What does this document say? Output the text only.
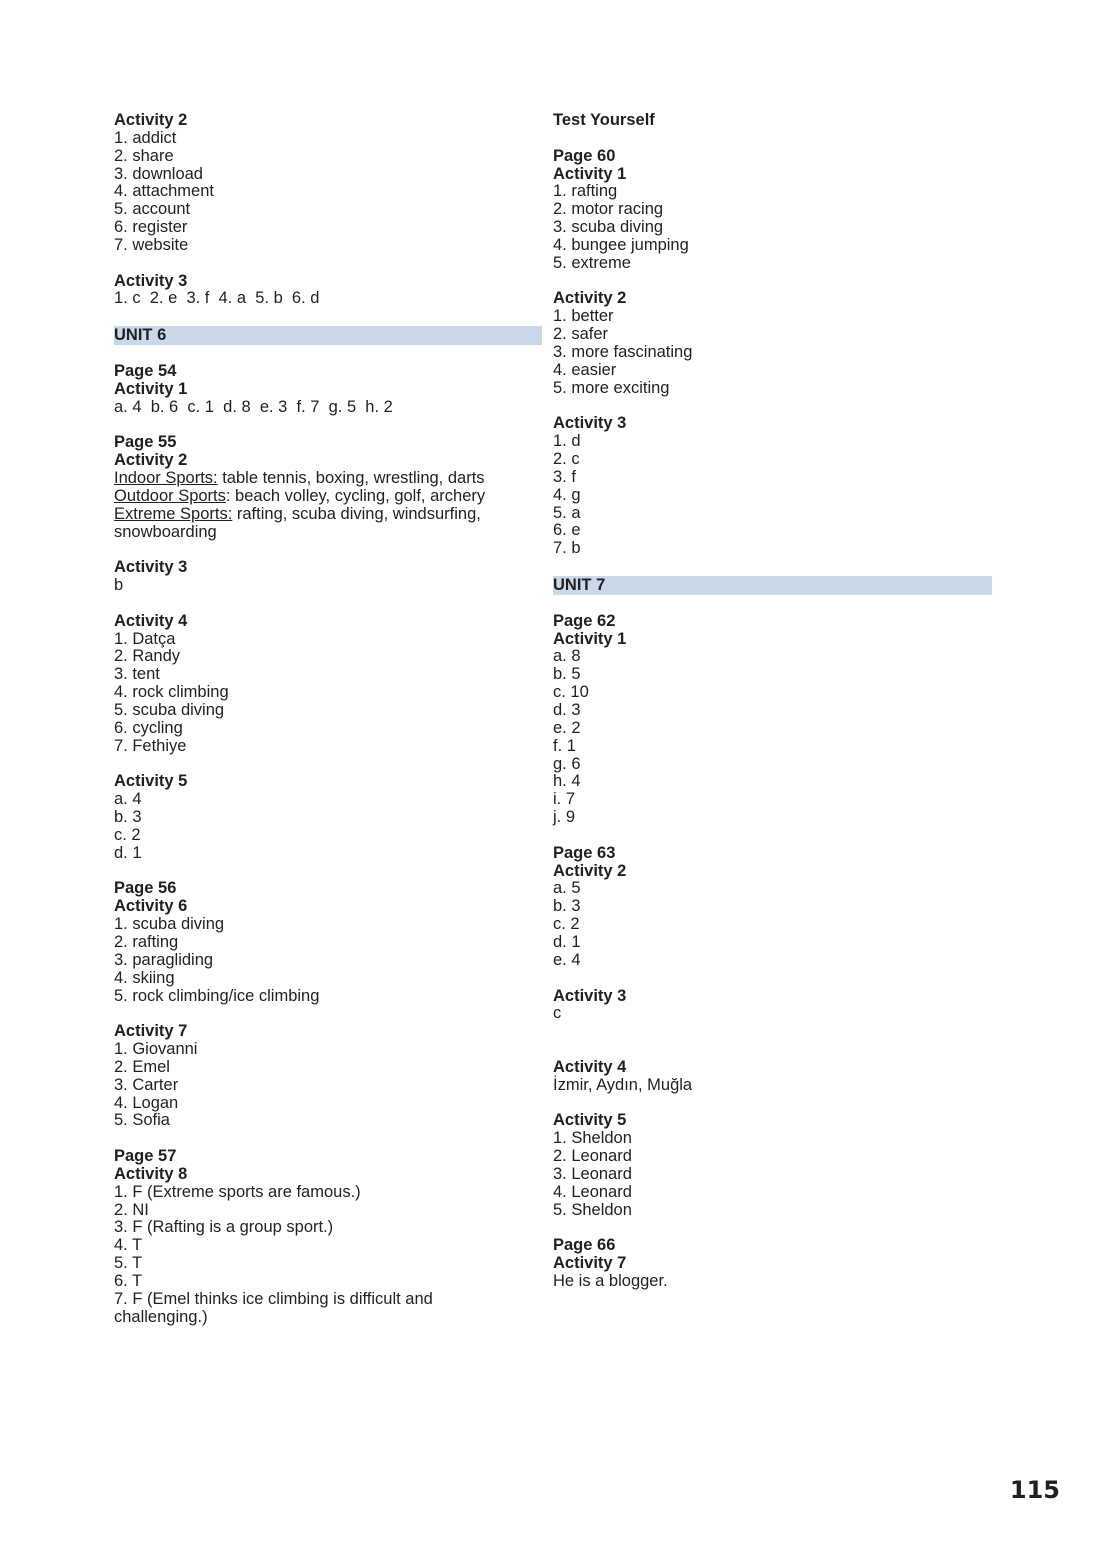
Activity 2
1. addict
2. share
3. download
4. attachment
5. account
6. register
7. website
Activity 3
1. c  2. e  3. f  4. a  5. b  6. d
UNIT 6
Page 54
Activity 1
a. 4  b. 6  c. 1  d. 8  e. 3  f. 7  g. 5  h. 2
Page 55
Activity 2
Indoor Sports: table tennis, boxing, wrestling, darts
Outdoor Sports: beach volley, cycling, golf, archery
Extreme Sports: rafting, scuba diving, windsurfing, snowboarding
Activity 3
b
Activity 4
1. Datça
2. Randy
3. tent
4. rock climbing
5. scuba diving
6. cycling
7. Fethiye
Activity 5
a. 4
b. 3
c. 2
d. 1
Page 56
Activity 6
1. scuba diving
2. rafting
3. paragliding
4. skiing
5. rock climbing/ice climbing
Activity 7
1. Giovanni
2. Emel
3. Carter
4. Logan
5. Sofia
Page 57
Activity 8
1. F (Extreme sports are famous.)
2. NI
3. F (Rafting is a group sport.)
4. T
5. T
6. T
7. F (Emel thinks ice climbing is difficult and challenging.)
Test Yourself
Page 60
Activity 1
1. rafting
2. motor racing
3. scuba diving
4. bungee jumping
5. extreme
Activity 2
1. better
2. safer
3. more fascinating
4. easier
5. more exciting
Activity 3
1. d
2. c
3. f
4. g
5. a
6. e
7. b
UNIT 7
Page 62
Activity 1
a. 8
b. 5
c. 10
d. 3
e. 2
f. 1
g. 6
h. 4
i. 7
j. 9
Page 63
Activity 2
a. 5
b. 3
c. 2
d. 1
e. 4
Activity 3
c
Activity 4
İzmir, Aydın, Muğla
Activity 5
1. Sheldon
2. Leonard
3. Leonard
4. Leonard
5. Sheldon
Page 66
Activity 7
He is a blogger.
115
